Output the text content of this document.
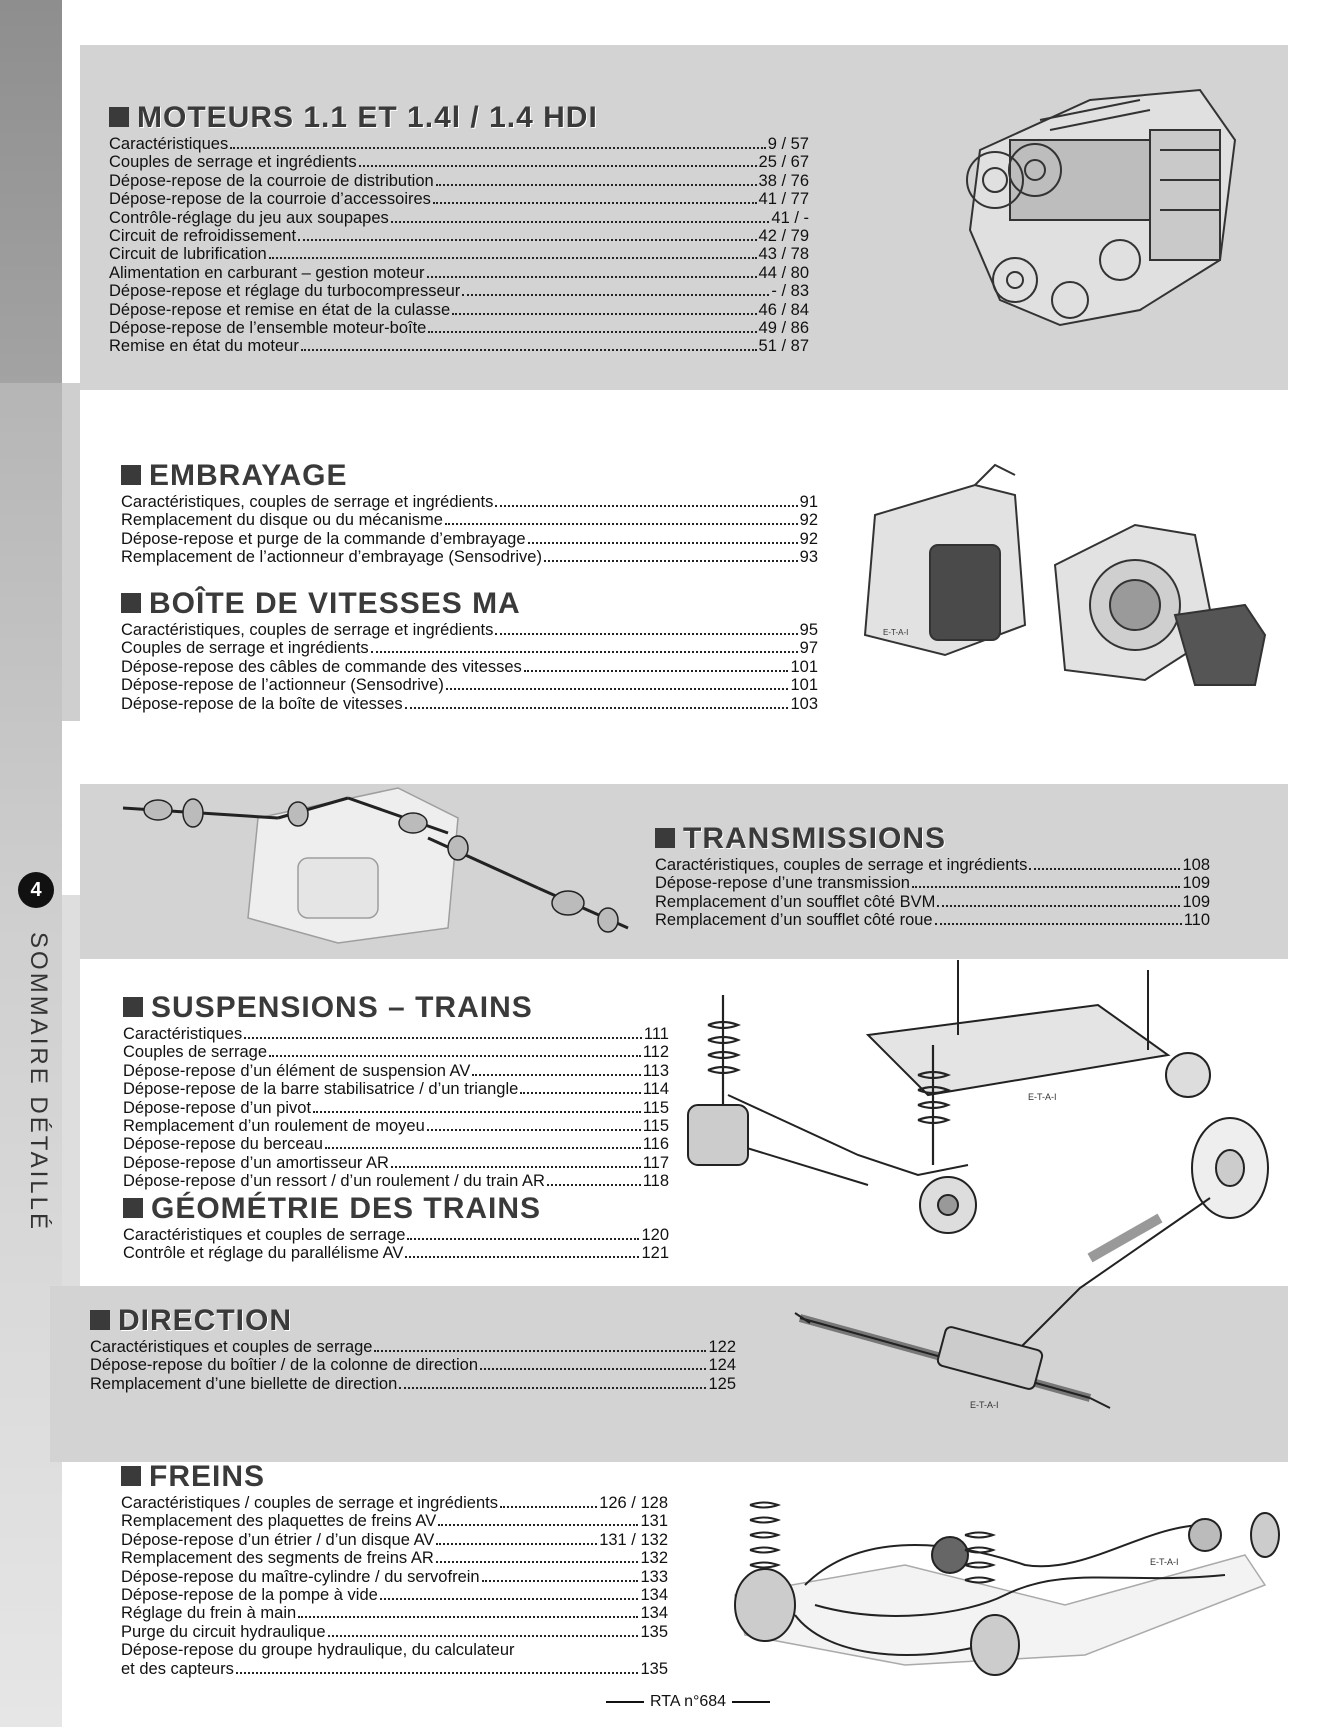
4
SOMMAIRE DÉTAILLÉ
MOTEURS 1.1 ET 1.4l / 1.4 HDI
Caractéristiques	9 / 57
Couples de serrage et ingrédients	25 / 67
Dépose-repose de la courroie de distribution	38 / 76
Dépose-repose de la courroie d’accessoires	41 / 77
Contrôle-réglage du jeu aux soupapes	41 / -
Circuit de refroidissement	42 / 79
Circuit de lubrification	43 / 78
Alimentation en carburant – gestion moteur	44 / 80
Dépose-repose et réglage du turbocompresseur	- / 83
Dépose-repose et remise en état de la culasse	46 / 84
Dépose-repose de l’ensemble moteur-boîte	49 / 86
Remise en état du moteur	51 / 87
EMBRAYAGE
Caractéristiques, couples de serrage et ingrédients	91
Remplacement du disque ou du mécanisme	92
Dépose-repose et purge de la commande d’embrayage	92
Remplacement de l’actionneur d’embrayage (Sensodrive)	93
BOÎTE DE VITESSES MA
Caractéristiques, couples de serrage et ingrédients	95
Couples de serrage et ingrédients	97
Dépose-repose des câbles de commande des vitesses	101
Dépose-repose de l’actionneur (Sensodrive)	101
Dépose-repose de la boîte de vitesses	103
TRANSMISSIONS
Caractéristiques, couples de serrage et ingrédients	108
Dépose-repose d’une transmission	109
Remplacement d’un soufflet côté BVM	109
Remplacement d’un soufflet côté roue	110
SUSPENSIONS – TRAINS
Caractéristiques	111
Couples de serrage	112
Dépose-repose d’un élément de suspension AV	113
Dépose-repose de la barre stabilisatrice / d’un triangle	114
Dépose-repose d’un pivot	115
Remplacement d’un roulement de moyeu	115
Dépose-repose du berceau	116
Dépose-repose d’un amortisseur AR	117
Dépose-repose d’un ressort / d’un roulement / du train AR	118
GÉOMÉTRIE DES TRAINS
Caractéristiques et couples de serrage	120
Contrôle et réglage du parallélisme AV	121
DIRECTION
Caractéristiques et couples de serrage	122
Dépose-repose du boîtier / de la colonne de direction	124
Remplacement d’une biellette de direction	125
FREINS
Caractéristiques / couples de serrage et ingrédients	126 / 128
Remplacement des plaquettes de freins AV	131
Dépose-repose d’un étrier / d’un disque AV	131 / 132
Remplacement des segments de freins AR	132
Dépose-repose du maître-cylindre / du servofrein	133
Dépose-repose de la pompe à vide	134
Réglage du frein à main	134
Purge du circuit hydraulique	135
Dépose-repose du groupe hydraulique, du calculateur
et des capteurs	135
E-T-A-I
E-T-A-I
E-T-A-I
E-T-A-I
RTA n°684
